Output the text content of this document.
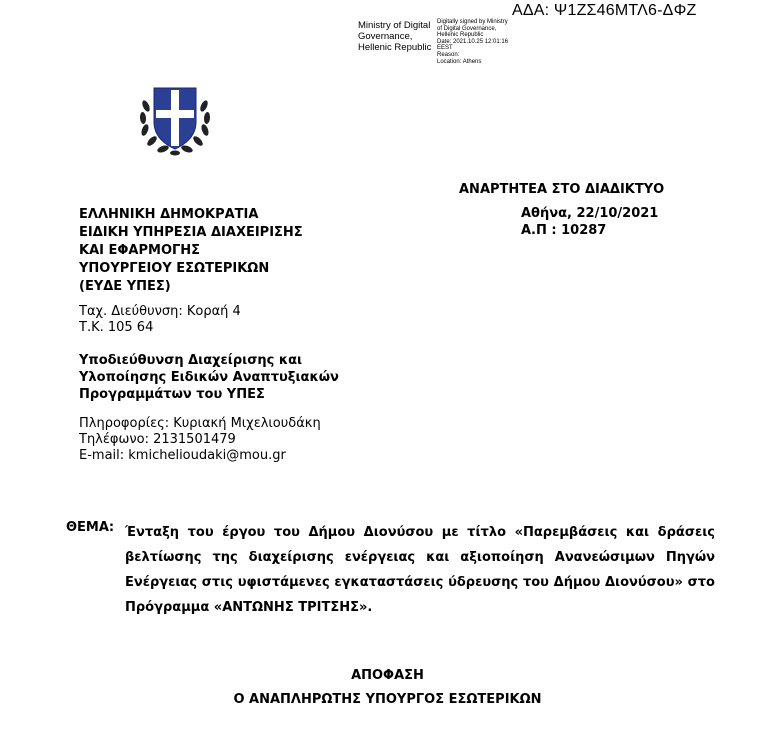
ΑΔΑ: Ψ1ΖΣ46ΜΤΛ6-ΔΦΖ
Ministry of Digital
Governance,
Hellenic Republic
Digitally signed by Ministry
of Digital Governance,
Hellenic Republic
Date: 2021.10.25 12:01:16
EEST
Reason:
Location: Athens
ΑΝΑΡΤΗΤΕΑ ΣΤΟ ΔΙΑΔΙΚΤΥΟ
Αθήνα, 22/10/2021
Α.Π : 10287
ΕΛΛΗΝΙΚΗ ΔΗΜΟΚΡΑΤΙΑ
ΕΙΔΙΚΗ ΥΠΗΡΕΣΙΑ ΔΙΑΧΕΙΡΙΣΗΣ
ΚΑΙ ΕΦΑΡΜΟΓΗΣ
ΥΠΟΥΡΓΕΙΟΥ ΕΣΩΤΕΡΙΚΩΝ
(ΕΥΔΕ ΥΠΕΣ)
Ταχ. Διεύθυνση: Κοραή 4
Τ.Κ. 105 64
Υποδιεύθυνση Διαχείρισης και
Υλοποίησης Ειδικών Αναπτυξιακών
Προγραμμάτων του ΥΠΕΣ
Πληροφορίες: Κυριακή Μιχελιουδάκη
Τηλέφωνο: 2131501479
E-mail: kmichelioudaki@mou.gr
ΘΕΜΑ: Ένταξη του έργου του Δήμου Διονύσου με τίτλο «Παρεμβάσεις και δράσεις
βελτίωσης της διαχείρισης ενέργειας και αξιοποίηση Ανανεώσιμων Πηγών
Ενέργειας στις υφιστάμενες εγκαταστάσεις ύδρευσης του Δήμου Διονύσου» στο
Πρόγραμμα «ΑΝΤΩΝΗΣ ΤΡΙΤΣΗΣ».
ΑΠΟΦΑΣΗ
Ο ΑΝΑΠΛΗΡΩΤΗΣ ΥΠΟΥΡΓΟΣ ΕΣΩΤΕΡΙΚΩΝ
